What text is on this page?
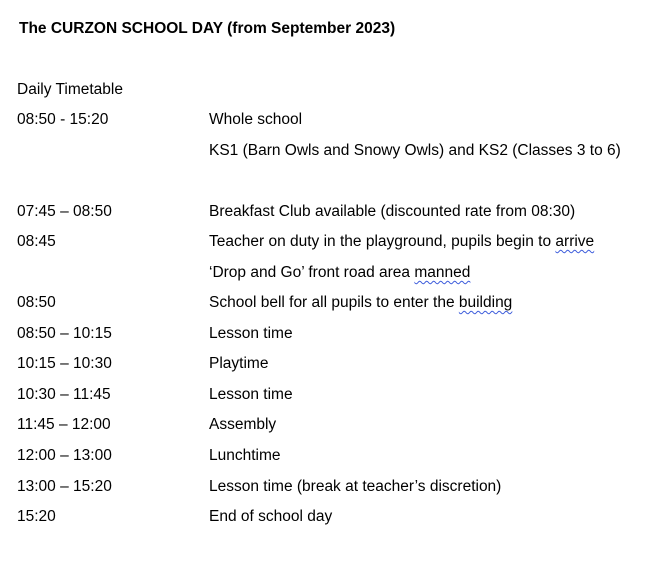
The CURZON SCHOOL DAY (from September 2023)
Daily Timetable
08:50 - 15:20	Whole school
KS1 (Barn Owls and Snowy Owls) and KS2 (Classes 3 to 6)
07:45 – 08:50	Breakfast Club available (discounted rate from 08:30)
08:45	Teacher on duty in the playground, pupils begin to arrive
‘Drop and Go’ front road area manned
08:50	School bell for all pupils to enter the building
08:50 – 10:15	Lesson time
10:15 – 10:30	Playtime
10:30 – 11:45	Lesson time
11:45 – 12:00	Assembly
12:00 – 13:00	Lunchtime
13:00 – 15:20	Lesson time (break at teacher’s discretion)
15:20	End of school day
